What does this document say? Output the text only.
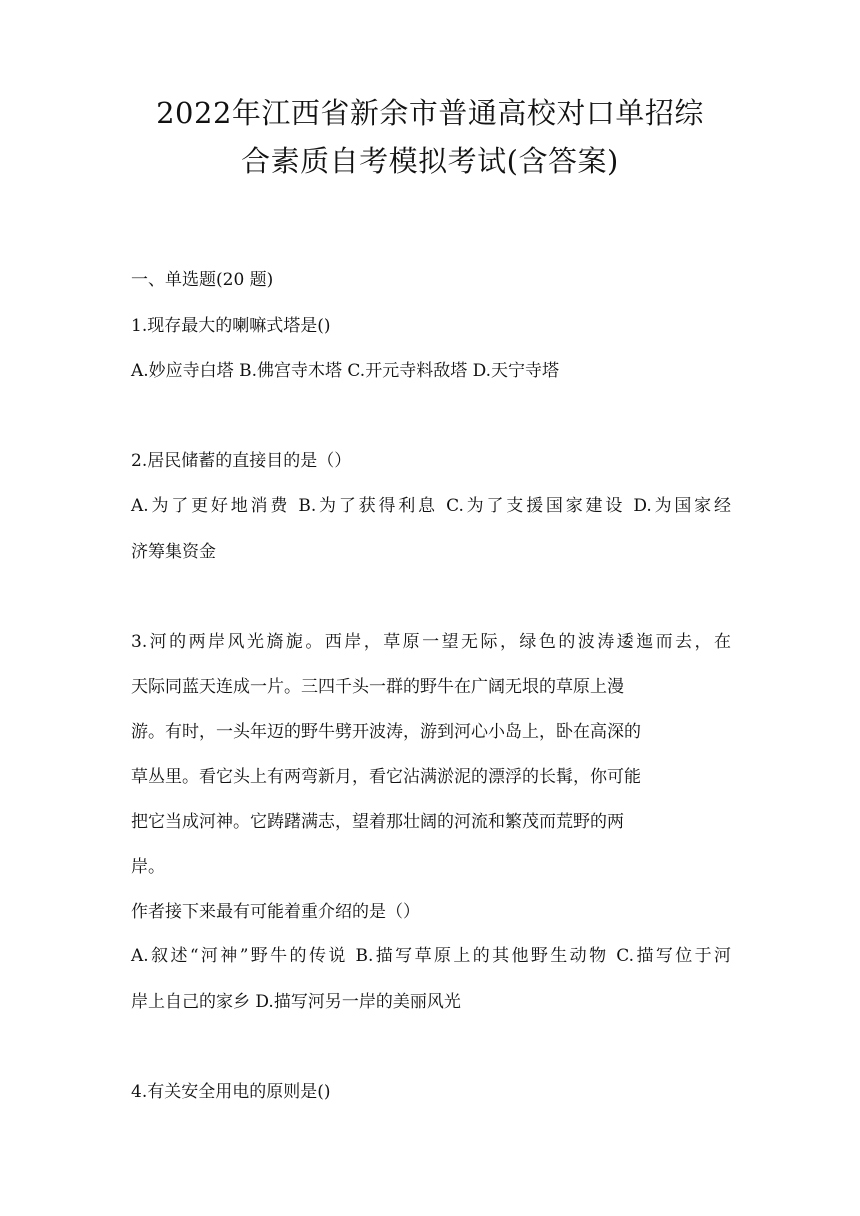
2022年江西省新余市普通高校对口单招综
合素质自考模拟考试(含答案)
一、单选题(20 题)
1.现存最大的喇嘛式塔是()
A.妙应寺白塔 B.佛宫寺木塔 C.开元寺料敌塔 D.天宁寺塔
2.居民储蓄的直接目的是（）
A.为了更好地消费 B.为了获得利息 C.为了支援国家建设 D.为国家经
济筹集资金
3.河的两岸风光旖旎。西岸，草原一望无际，绿色的波涛逶迤而去，在
天际同蓝天连成一片。三四千头一群的野牛在广阔无垠的草原上漫
游。有时，一头年迈的野牛劈开波涛，游到河心小岛上，卧在高深的
草丛里。看它头上有两弯新月，看它沾满淤泥的漂浮的长髯，你可能
把它当成河神。它踌躇满志，望着那壮阔的河流和繁茂而荒野的两
岸。
作者接下来最有可能着重介绍的是（）
A.叙述“河神”野牛的传说 B.描写草原上的其他野生动物 C.描写位于河
岸上自己的家乡 D.描写河另一岸的美丽风光
4.有关安全用电的原则是()
